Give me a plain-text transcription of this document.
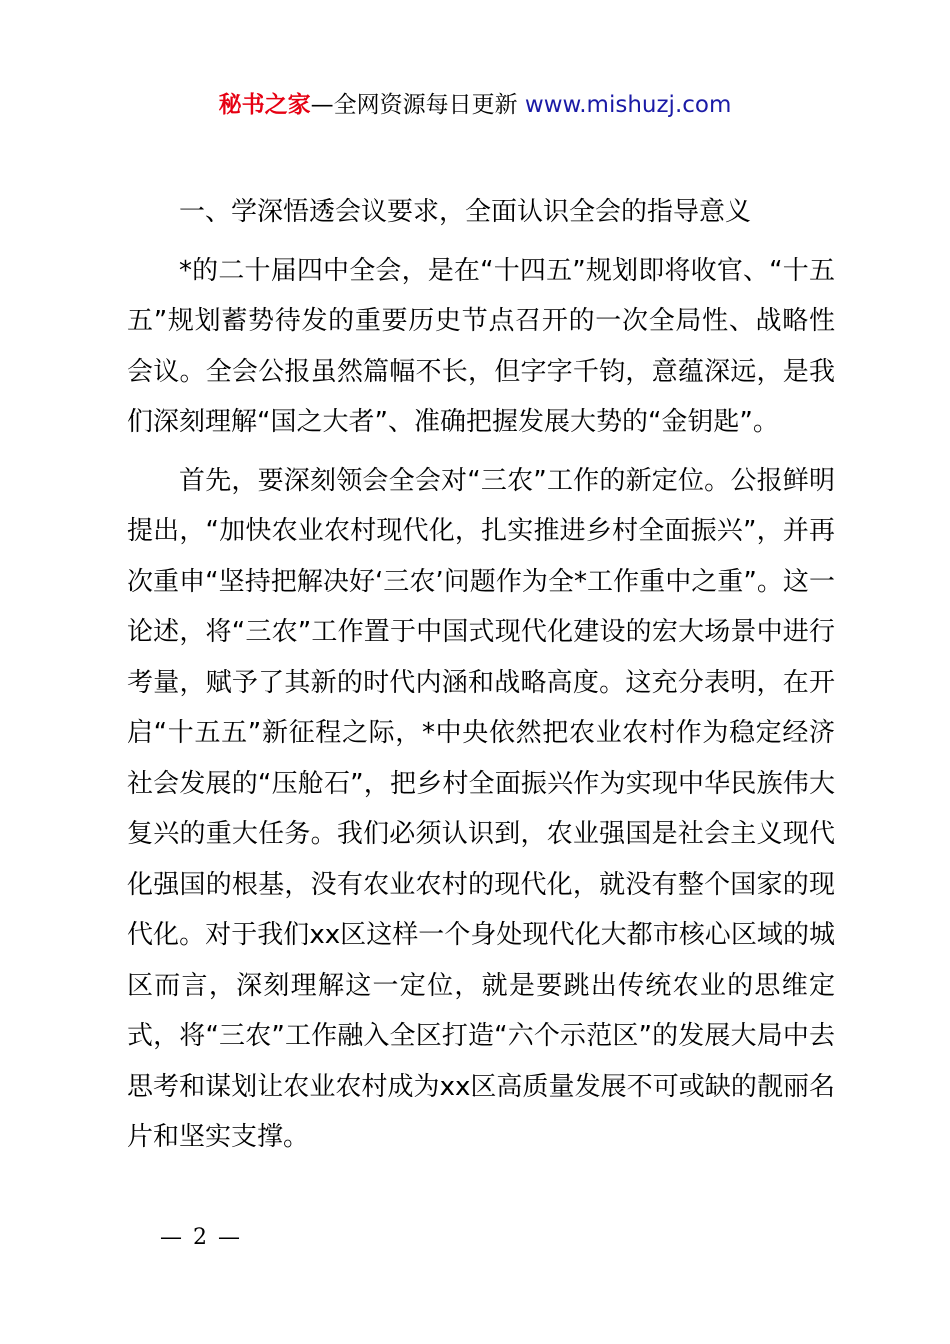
秘书之家—全网资源每日更新 www.mishuzj.com

一、学深悟透会议要求，全面认识全会的指导意义

*的二十届四中全会，是在“十四五”规划即将收官、“十五五”规划蓄势待发的重要历史节点召开的一次全局性、战略性会议。全会公报虽然篇幅不长，但字字千钧，意蕴深远，是我们深刻理解“国之大者”、准确把握发展大势的“金钥匙”。

首先，要深刻领会全会对“三农”工作的新定位。公报鲜明提出，“加快农业农村现代化，扎实推进乡村全面振兴”，并再次重申“坚持把解决好‘三农’问题作为全*工作重中之重”。这一论述，将“三农”工作置于中国式现代化建设的宏大场景中进行考量，赋予了其新的时代内涵和战略高度。这充分表明，在开启“十五五”新征程之际，*中央依然把农业农村作为稳定经济社会发展的“压舱石”，把乡村全面振兴作为实现中华民族伟大复兴的重大任务。我们必须认识到，农业强国是社会主义现代化强国的根基，没有农业农村的现代化，就没有整个国家的现代化。对于我们xx区这样一个身处现代化大都市核心区域的城区而言，深刻理解这一定位，就是要跳出传统农业的思维定式，将“三农”工作融入全区打造“六个示范区”的发展大局中去思考和谋划让农业农村成为xx区高质量发展不可或缺的靓丽名片和坚实支撑。

— 2 —
